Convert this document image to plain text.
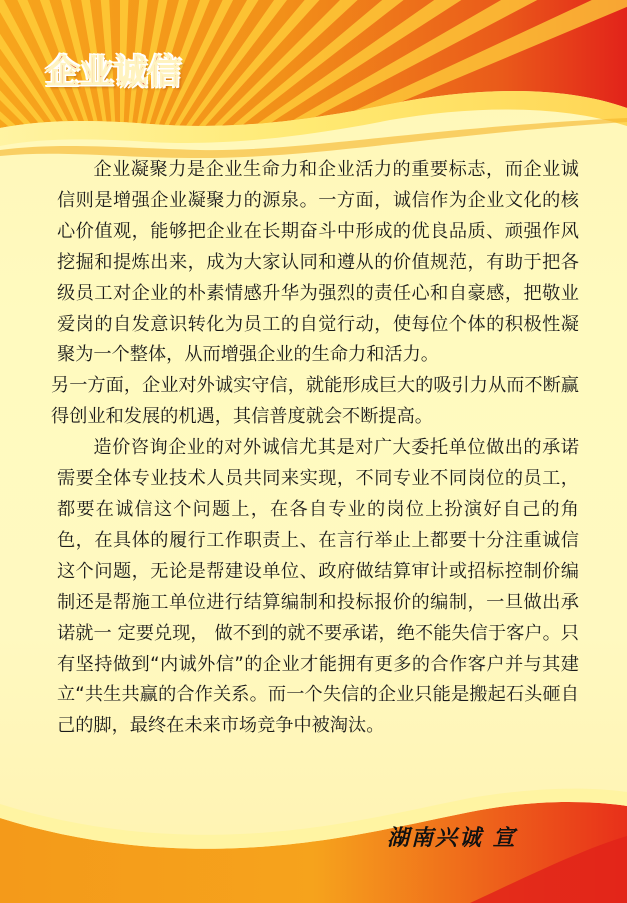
企业诚信

企业凝聚力是企业生命力和企业活力的重要标志，而企业诚信则是增强企业凝聚力的源泉。一方面，诚信作为企业文化的核心价值观，能够把企业在长期奋斗中形成的优良品质、顽强作风挖掘和提炼出来，成为大家认同和遵从的价值规范，有助于把各级员工对企业的朴素情感升华为强烈的责任心和自豪感，把敬业爱岗的自发意识转化为员工的自觉行动，使每位个体的积极性凝聚为一个整体，从而增强企业的生命力和活力。

另一方面，企业对外诚实守信，就能形成巨大的吸引力从而不断赢得创业和发展的机遇，其信普度就会不断提高。

造价咨询企业的对外诚信尤其是对广大委托单位做出的承诺需要全体专业技术人员共同来实现，不同专业不同岗位的员工，都要在诚信这个问题上，在各自专业的岗位上扮演好自己的角色，在具体的履行工作职责上、在言行举止上都要十分注重诚信这个问题，无论是帮建设单位、政府做结算审计或招标控制价编制还是帮施工单位进行结算编制和投标报价的编制，一旦做出承诺就一 定要兑现， 做不到的就不要承诺，绝不能失信于客户。只有坚持做到“内诚外信”的企业才能拥有更多的合作客户并与其建立“共生共赢的合作关系。而一个失信的企业只能是搬起石头砸自己的脚，最终在未来市场竞争中被淘汰。

湖南兴诚 宣
